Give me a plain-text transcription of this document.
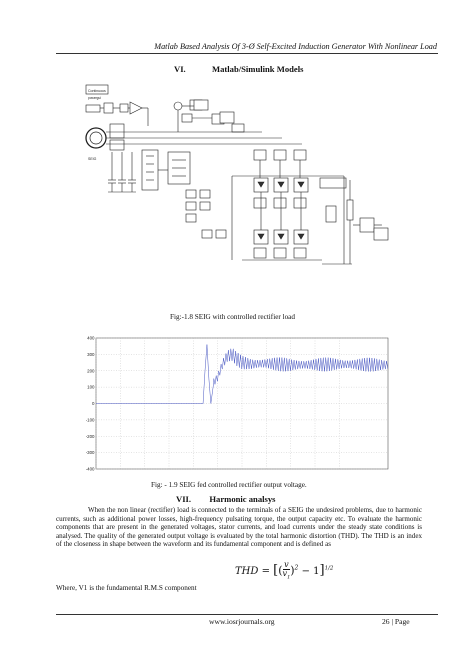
Matlab Based Analysis Of 3-Ø Self-Excited Induction Generator With Nonlinear Load
VI.	Matlab/Simulink Models
Continuous
powergui
SEIG
Fig:-1.8 SEIG with controlled rectifier load
400
300
200
100
0
-100
-200
-300
-400
Fig: - 1.9 SEIG fed controlled rectifier output voltage.
VII. Harmonic analsys

When the non linear (rectifier) load is connected to the terminals of a SEIG the undesired problems, due to harmonic currents, such as additional power losses, high-frequency pulsating torque, the output capacity etc. To evaluate the harmonic components that are present in the generated voltages, stator currents, and load currents under the steady state conditions is analysed. The quality of the generated output voltage is evaluated by the total harmonic distortion (THD). The THD is an index of the closeness in shape between the waveform and its fundamental component and is defined as

THD = $[(\frac{v}{v_1})^2 - 1]^{1/2}$
Where, V1 is the fundamental R.M.S component
www.iosrjournals.org	26 | Page
